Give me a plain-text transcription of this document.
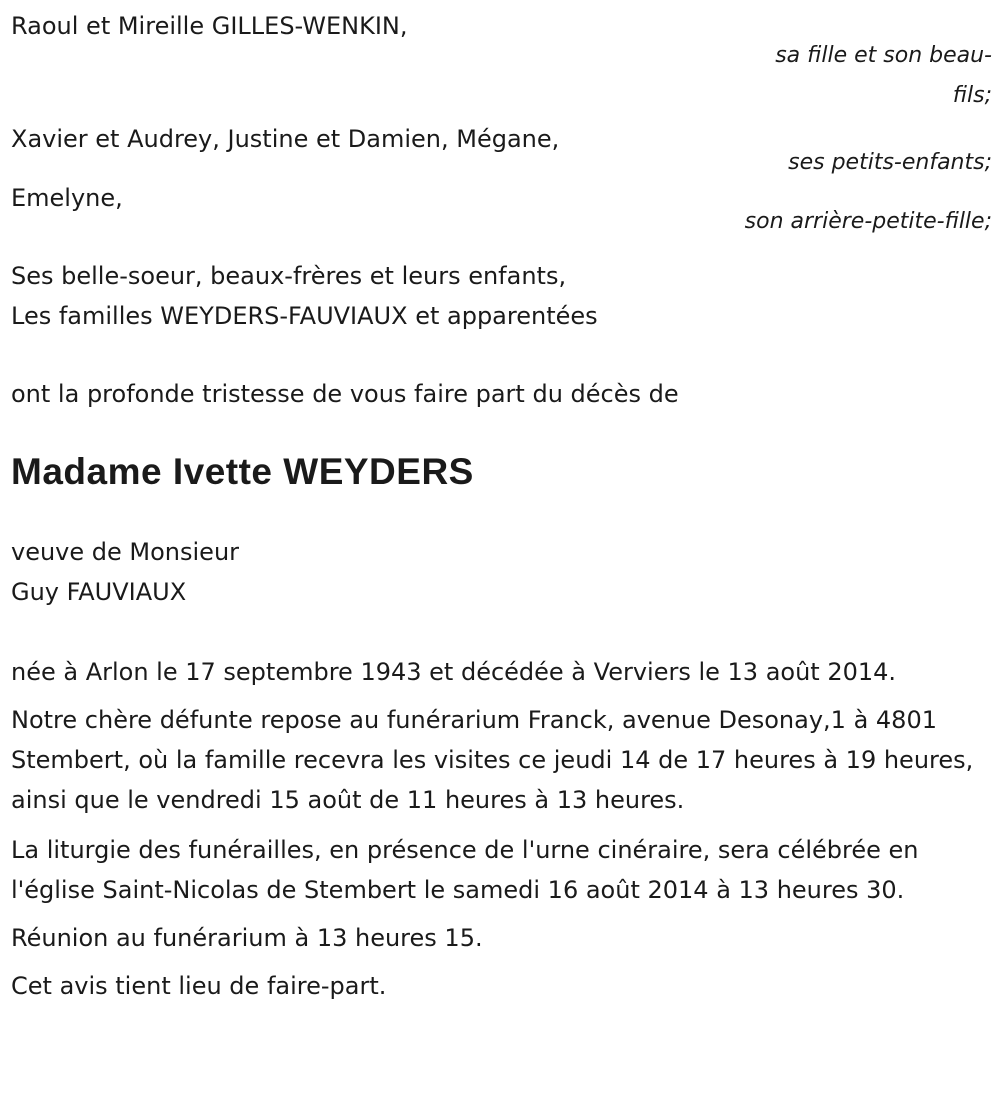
Raoul et Mireille GILLES-WENKIN,
sa fille et son beau-fils;
Xavier et Audrey, Justine et Damien, Mégane,
ses petits-enfants;
Emelyne,
son arrière-petite-fille;
Ses belle-soeur, beaux-frères et leurs enfants,
Les familles WEYDERS-FAUVIAUX et apparentées
ont la profonde tristesse de vous faire part du décès de
Madame Ivette WEYDERS
veuve de Monsieur
Guy FAUVIAUX

née à Arlon le 17 septembre 1943 et décédée à Verviers le 13 août 2014.

Notre chère défunte repose au funérarium Franck, avenue Desonay,1 à 4801 Stembert, où la famille recevra les visites ce jeudi 14 de 17 heures à 19 heures, ainsi que le vendredi 15 août de 11 heures à 13 heures.

La liturgie des funérailles, en présence de l'urne cinéraire, sera célébrée en l'église Saint-Nicolas de Stembert le samedi 16 août 2014 à 13 heures 30.

Réunion au funérarium à 13 heures 15.

Cet avis tient lieu de faire-part.
